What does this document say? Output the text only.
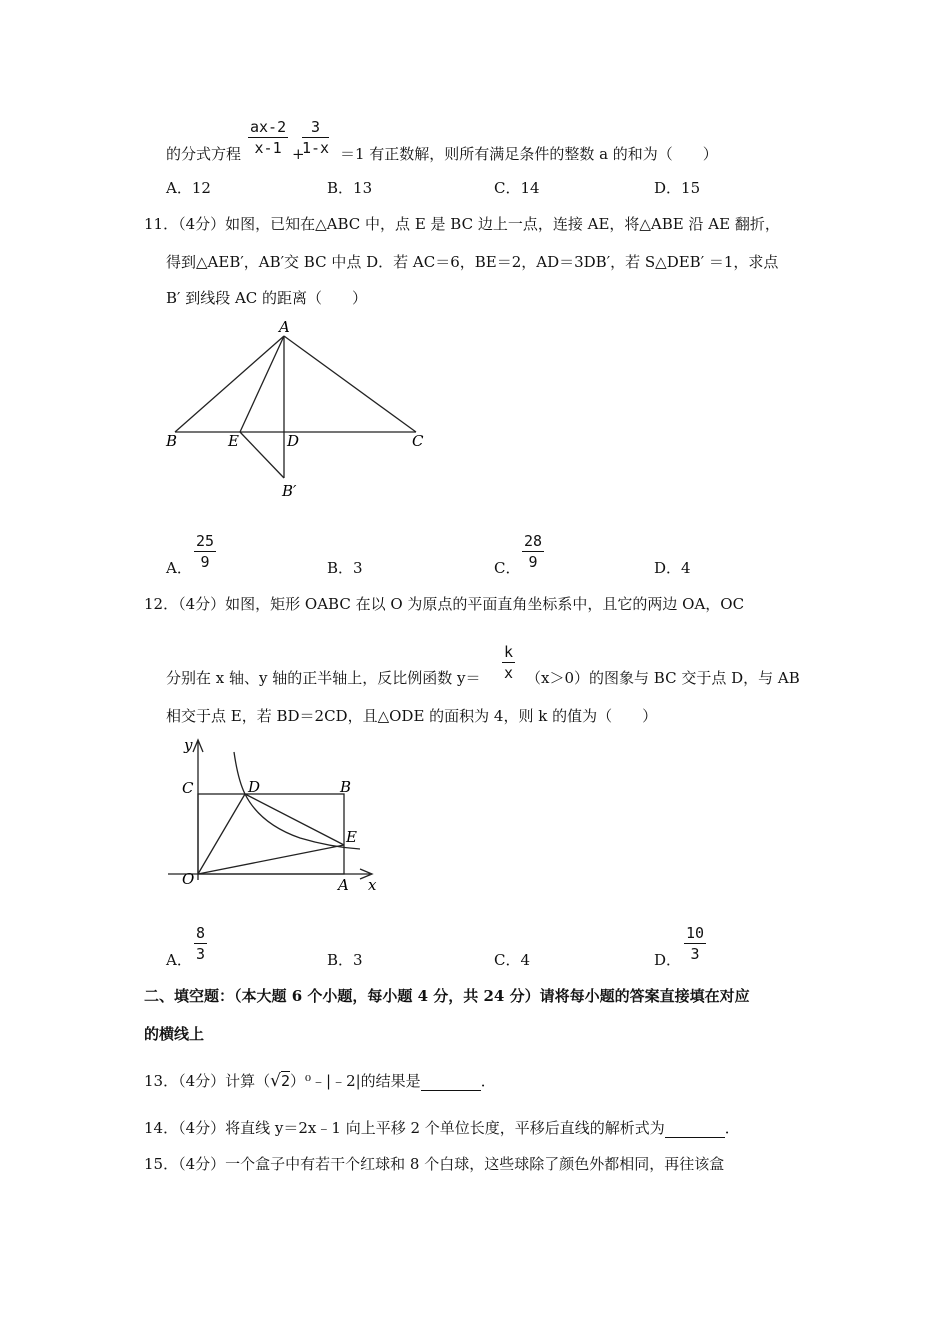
$\frac{ax-2}{x-1}$ +
$\frac{3}{1-x}$
的分式方程	＝1 有正数解，则所有满足条件的整数 a 的和为（　　）
A．12	B．13	C．14	D．15
11．（4分）如图，已知在△ABC 中，点 E 是 BC 边上一点，连接 AE，将△ABE 沿 AE 翻折，
得到△AEB′，AB′交 BC 中点 D．若 AC＝6，BE＝2，AD＝3DB′，若 S△DEB′ ＝1，求点
B′ 到线段 AC 的距离（　　）
A
B	E	D	C
B′
A． $\frac{25}{9}$	B．3	C． $\frac{28}{9}$	D．4
12．（4分）如图，矩形 OABC 在以 O 为原点的平面直角坐标系中，且它的两边 OA，OC
分别在 x 轴、y 轴的正半轴上，反比例函数 $y= \frac{k}{x} (x>0)$的图象与 BC 交于点 D，与 AB
相交于点 E，若 BD＝2CD，且△ODE 的面积为 4，则 k 的值为（　　）
y
x
C	D	B
E
O	A
A． $\frac{8}{3}$	B．3	C．4	D． $\frac{10}{3}$
二、填空题：（本大题 6 个小题，每小题 4 分，共 24 分）请将每小题的答案直接填在对应
的横线上
13．（4分）计算（√2）⁰﹣|﹣2|的结果是　　　　	．
14．（4分）将直线 y＝2x﹣1 向上平移 2 个单位长度，平移后直线的解析式为　　　　	．
15．（4分）一个盒子中有若干个红球和 8 个白球，这些球除了颜色外都相同，再往该盒
